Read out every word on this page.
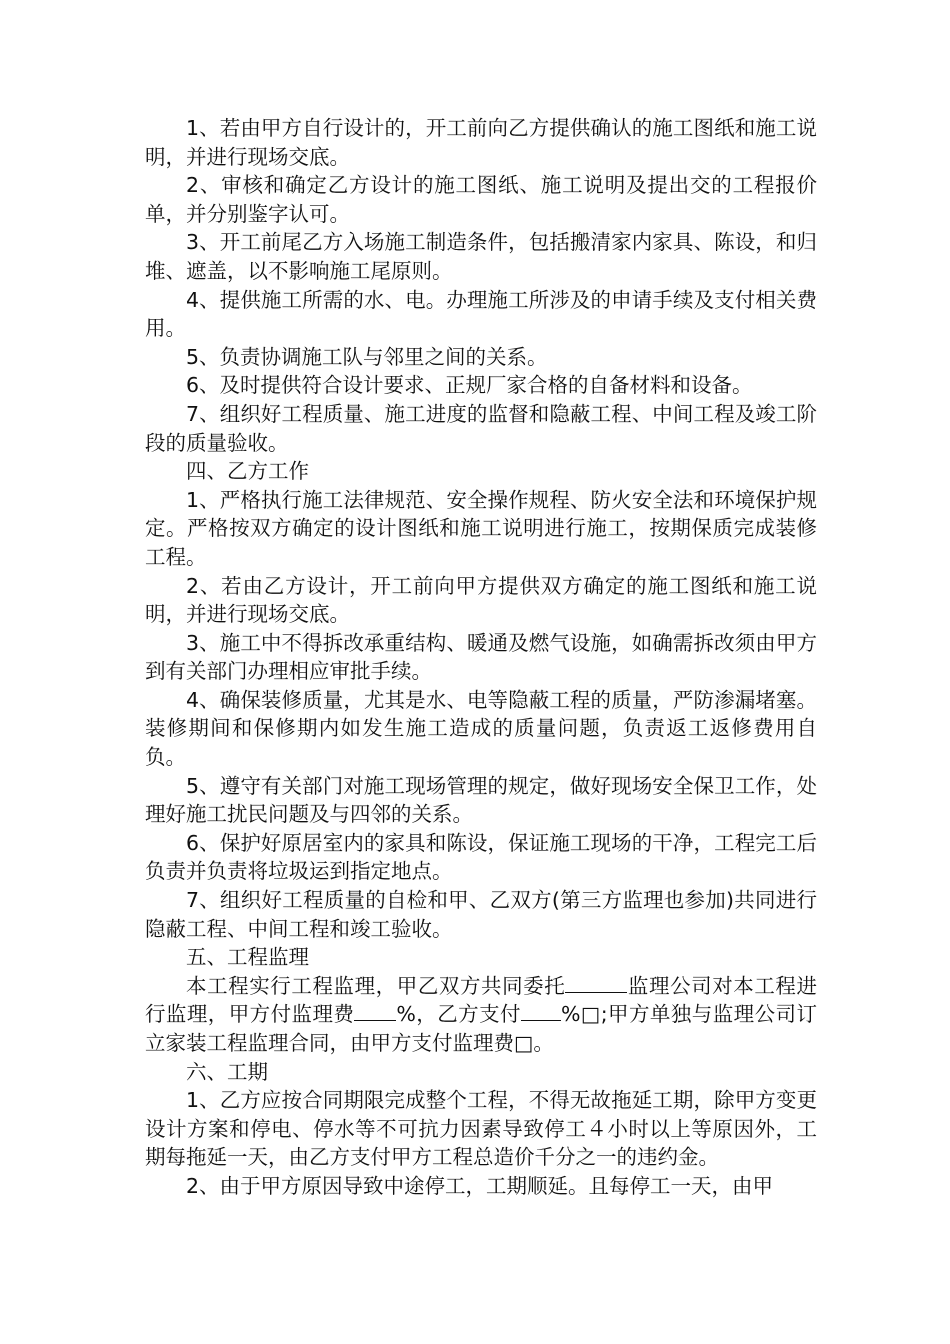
1、若由甲方自行设计的，开工前向乙方提供确认的施工图纸和施工说明，并进行现场交底。

2、审核和确定乙方设计的施工图纸、施工说明及提出交的工程报价单，并分别鉴字认可。

3、开工前尾乙方入场施工制造条件，包括搬清家内家具、陈设，和归堆、遮盖，以不影响施工尾原则。

4、提供施工所需的水、电。办理施工所涉及的申请手续及支付相关费用。

5、负责协调施工队与邻里之间的关系。

6、及时提供符合设计要求、正规厂家合格的自备材料和设备。

7、组织好工程质量、施工进度的监督和隐蔽工程、中间工程及竣工阶段的质量验收。

四、乙方工作

1、严格执行施工法律规范、安全操作规程、防火安全法和环境保护规定。严格按双方确定的设计图纸和施工说明进行施工，按期保质完成装修工程。

2、若由乙方设计，开工前向甲方提供双方确定的施工图纸和施工说明，并进行现场交底。

3、施工中不得拆改承重结构、暖通及燃气设施，如确需拆改须由甲方到有关部门办理相应审批手续。

4、确保装修质量，尤其是水、电等隐蔽工程的质量，严防渗漏堵塞。装修期间和保修期内如发生施工造成的质量问题，负责返工返修费用自负。

5、遵守有关部门对施工现场管理的规定，做好现场安全保卫工作，处理好施工扰民问题及与四邻的关系。

6、保护好原居室内的家具和陈设，保证施工现场的干净，工程完工后负责并负责将垃圾运到指定地点。

7、组织好工程质量的自检和甲、乙双方(第三方监理也参加)共同进行隐蔽工程、中间工程和竣工验收。

五、工程监理

本工程实行工程监理，甲乙双方共同委托	监理公司对本工程进行监理，甲方付监理费 %，乙方支付 %□;甲方单独与监理公司订立家装工程监理合同，由甲方支付监理费□。

六、工期

1、乙方应按合同期限完成整个工程，不得无故拖延工期，除甲方变更设计方案和停电、停水等不可抗力因素导致停工４小时以上等原因外，工期每拖延一天，由乙方支付甲方工程总造价千分之一的违约金。

2、由于甲方原因导致中途停工，工期顺延。且每停工一天，由甲
